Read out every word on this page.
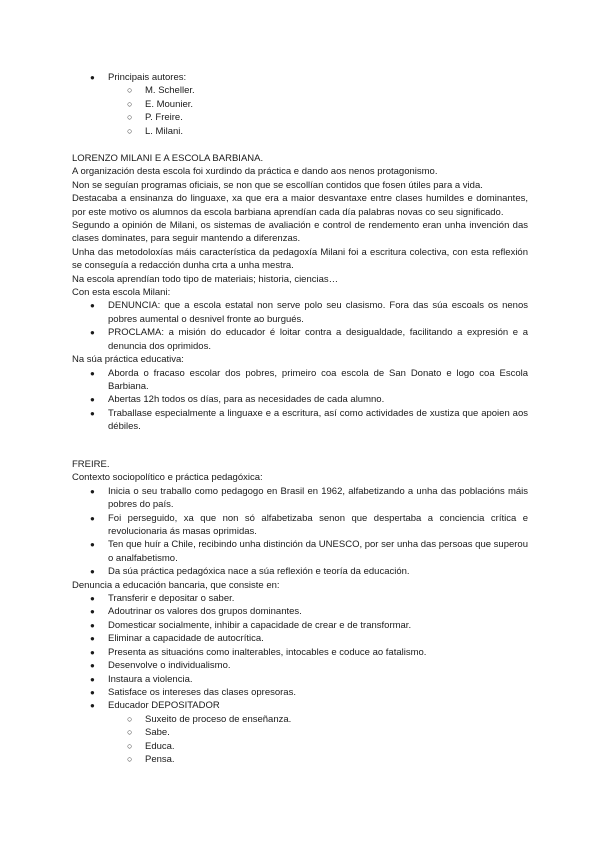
● Principais autores:
○ M. Scheller.
○ E. Mounier.
○ P. Freire.
○ L. Milani.

LORENZO MILANI E A ESCOLA BARBIANA.

A organización desta escola foi xurdindo da práctica e dando aos nenos protagonismo.

Non se seguían programas oficiais, se non que se escollían contidos que fosen útiles para a vida.

Destacaba a ensinanza do linguaxe, xa que era a maior desvantaxe entre clases humildes e dominantes, por este motivo os alumnos da escola barbiana aprendían cada día palabras novas co seu significado.

Segundo a opinión de Milani, os sistemas de avaliación e control de rendemento eran unha invención das clases dominates, para seguir mantendo a diferenzas.

Unha das metodoloxías máis característica da pedagoxía Milani foi a escritura colectiva, con esta reflexión se conseguía a redacción dunha crta a unha mestra.

Na escola aprendían todo tipo de materiais; historia, ciencias…

Con esta escola Milani:

● DENUNCIA: que a escola estatal non serve polo seu clasismo. Fora das súa escoals os nenos pobres aumental o desnivel fronte ao burgués.
● PROCLAMA: a misión do educador é loitar contra a desigualdade, facilitando a expresión e a denuncia dos oprimidos.

Na súa práctica educativa:

● Aborda o fracaso escolar dos pobres, primeiro coa escola de San Donato e logo coa Escola Barbiana.
● Abertas 12h todos os días, para as necesidades de cada alumno.
● Traballase especialmente a linguaxe e a escritura, así como actividades de xustiza que apoien aos débiles.

FREIRE.

Contexto sociopolítico e práctica pedagóxica:

● Inicia o seu traballo como pedagogo en Brasil en 1962, alfabetizando a unha das poblacións máis pobres do país.
● Foi perseguido, xa que non só alfabetizaba senon que despertaba a conciencia crítica e revolucionaria ás masas oprimidas.
● Ten que huír a Chile, recibindo unha distinción da UNESCO, por ser unha das persoas que superou o analfabetismo.
● Da súa práctica pedagóxica nace a súa reflexión e teoría da educación.

Denuncia a educación bancaria, que consiste en:

● Transferir e depositar o saber.
● Adoutrinar os valores dos grupos dominantes.
● Domesticar socialmente, inhibir a capacidade de crear e de transformar.
● Eliminar a capacidade de autocrítica.
● Presenta as situacións como inalterables, intocables e coduce ao fatalismo.
● Desenvolve o individualismo.
● Instaura a violencia.
● Satisface os intereses das clases opresoras.
● Educador DEPOSITADOR
○ Suxeito de proceso de enseñanza.
○ Sabe.
○ Educa.
○ Pensa.
